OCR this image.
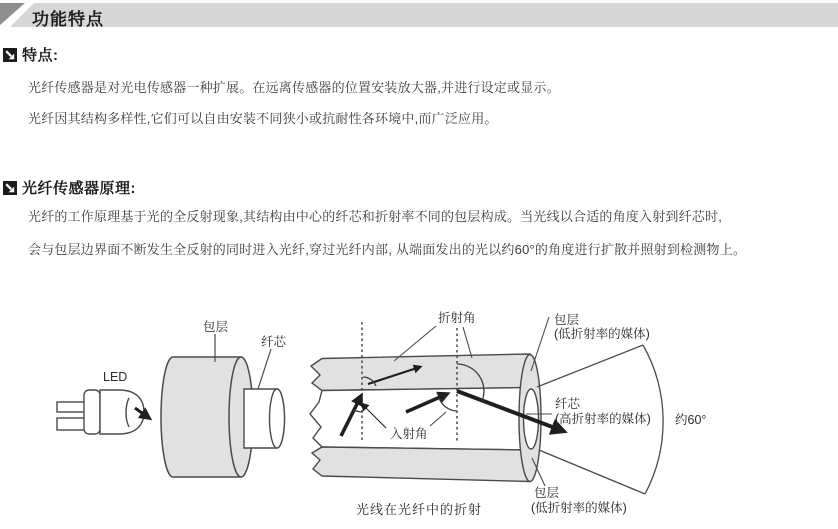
功能特点
特点:
光纤传感器是对光电传感器一种扩展。在远离传感器的位置安装放大器,并进行设定或显示。
光纤因其结构多样性,它们可以自由安装不同狭小或抗耐性各环境中,而广泛应用。
光纤传感器原理:
光纤的工作原理基于光的全反射现象,其结构由中心的纤芯和折射率不同的包层构成。当光线以合适的角度入射到纤芯时,
会与包层边界面不断发生全反射的同时进入光纤,穿过光纤内部, 从端面发出的光以约60°的角度进行扩散并照射到检测物上。
LED
包层
纤芯
折射角
入射角
约60°
包层
(低折射率的媒体)
纤芯
(高折射率的媒体)
包层
(低折射率的媒体)
光线在光纤中的折射
